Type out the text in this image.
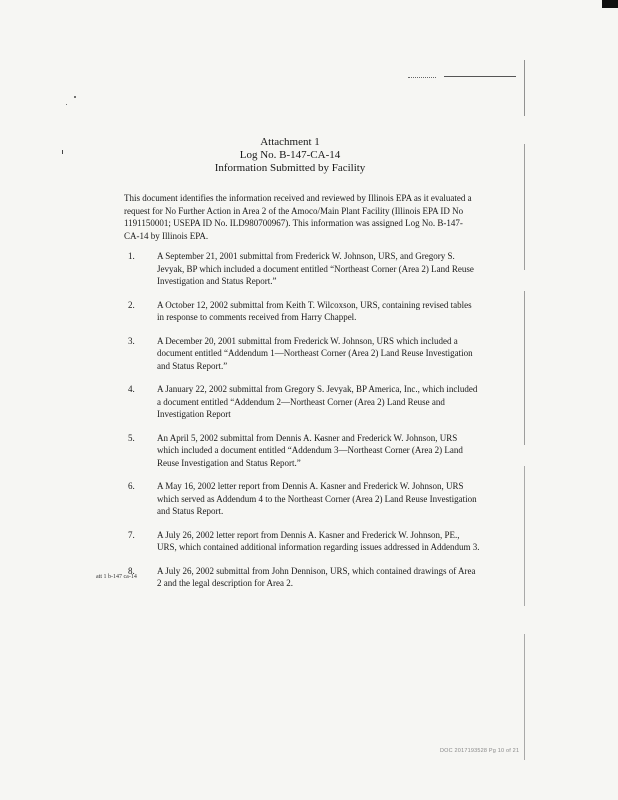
Attachment 1
Log No. B-147-CA-14
Information Submitted by Facility

This document identifies the information received and reviewed by Illinois EPA as it evaluated a request for No Further Action in Area 2 of the Amoco/Main Plant Facility (Illinois EPA ID No 1191150001; USEPA ID No. ILD980700967). This information was assigned Log No. B-147-CA-14 by Illinois EPA.

1.	A September 21, 2001 submittal from Frederick W. Johnson, URS, and Gregory S. Jevyak, BP which included a document entitled “Northeast Corner (Area 2) Land Reuse Investigation and Status Report.”
2.	A October 12, 2002 submittal from Keith T. Wilcoxson, URS, containing revised tables in response to comments received from Harry Chappel.
3.	A December 20, 2001 submittal from Frederick W. Johnson, URS which included a document entitled “Addendum 1—Northeast Corner (Area 2) Land Reuse Investigation and Status Report.”
4.	A January 22, 2002 submittal from Gregory S. Jevyak, BP America, Inc., which included a document entitled “Addendum 2—Northeast Corner (Area 2) Land Reuse and Investigation Report
5.	An April 5, 2002 submittal from Dennis A. Kasner and Frederick W. Johnson, URS which included a document entitled “Addendum 3—Northeast Corner (Area 2) Land Reuse Investigation and Status Report.”
6.	A May 16, 2002 letter report from Dennis A. Kasner and Frederick W. Johnson, URS which served as Addendum 4 to the Northeast Corner (Area 2) Land Reuse Investigation and Status Report.
7.	A July 26, 2002 letter report from Dennis A. Kasner and Frederick W. Johnson, PE., URS, which contained additional information regarding issues addressed in Addendum 3.
8.	A July 26, 2002 submittal from John Dennison, URS, which contained drawings of Area 2 and the legal description for Area 2.
att 1 b-147 ca-14
DOC 2017193528 Pg 10 of 21
